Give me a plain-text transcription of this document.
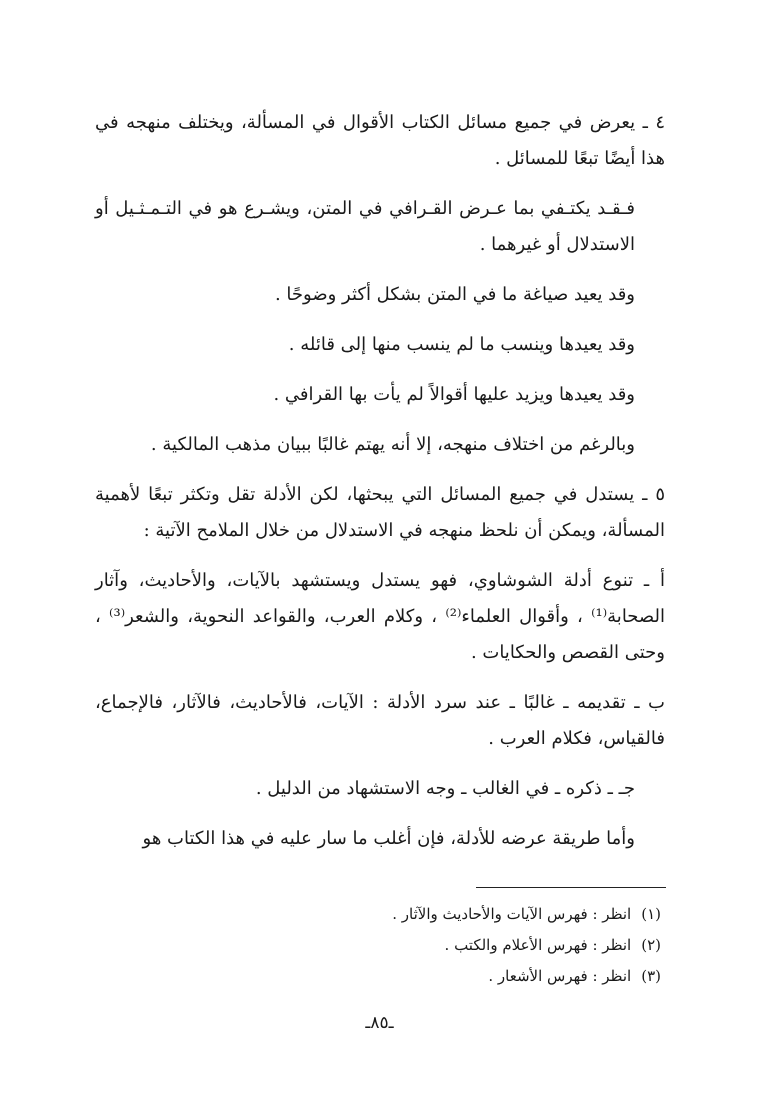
٤ ـ يعرض في جميع مسائل الكتاب الأقوال في المسألة، ويختلف منهجه في هذا أيضًا تبعًا للمسائل .

فـقـد يكتـفي بما عـرض القـرافي في المتن، ويشـرع هو في التـمـثـيل أو الاستدلال أو غيرهما .

وقد يعيد صياغة ما في المتن بشكل أكثر وضوحًا .

وقد يعيدها وينسب ما لم ينسب منها إلى قائله .

وقد يعيدها ويزيد عليها أقوالاً لم يأت بها القرافي .

وبالرغم من اختلاف منهجه، إلا أنه يهتم غالبًا ببيان مذهب المالكية .

٥ ـ يستدل في جميع المسائل التي يبحثها، لكن الأدلة تقل وتكثر تبعًا لأهمية المسألة، ويمكن أن نلحظ منهجه في الاستدلال من خلال الملامح الآتية :

أ ـ تنوع أدلة الشوشاوي، فهو يستدل ويستشهد بالآيات، والأحاديث، وآثار الصحابة⁽¹⁾ ، وأقوال العلماء⁽²⁾ ، وكلام العرب، والقواعد النحوية، والشعر⁽³⁾ ، وحتى القصص والحكايات .

ب ـ تقديمه ـ غالبًا ـ عند سرد الأدلة : الآيات، فالأحاديث، فالآثار، فالإجماع، فالقياس، فكلام العرب .

جـ ـ ذكره ـ في الغالب ـ وجه الاستشهاد من الدليل .

وأما طريقة عرضه للأدلة، فإن أغلب ما سار عليه في هذا الكتاب هو

(١)انظر : فهرس الآيات والأحاديث والآثار .
(٢)انظر : فهرس الأعلام والكتب .
(٣)انظر : فهرس الأشعار .
ـ٨٥ـ
